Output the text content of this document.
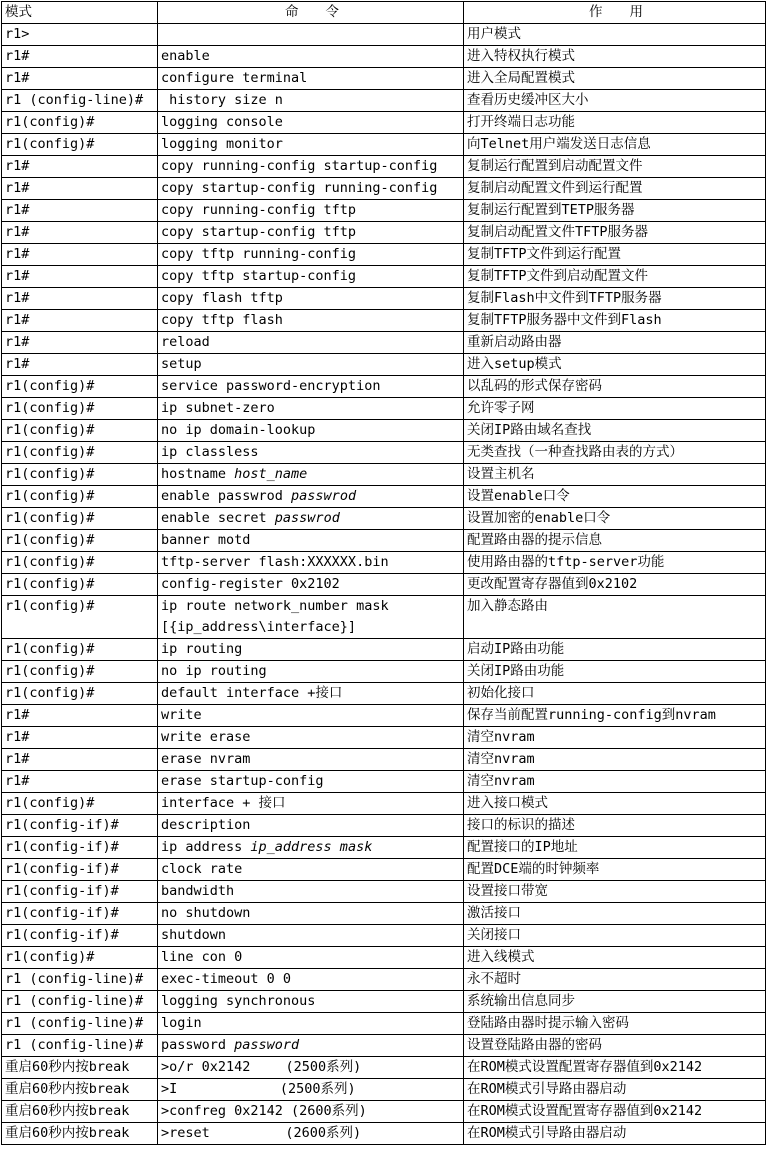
模式	命　　令	作　　用
r1>		用户模式
r1#	enable	进入特权执行模式
r1#	configure terminal	进入全局配置模式
r1 (config-line)#	history size n	查看历史缓冲区大小
r1(config)#	logging console	打开终端日志功能
r1(config)#	logging monitor	向Telnet用户端发送日志信息
r1#	copy running-config startup-config	复制运行配置到启动配置文件
r1#	copy startup-config running-config	复制启动配置文件到运行配置
r1#	copy running-config tftp	复制运行配置到TETP服务器
r1#	copy startup-config tftp	复制启动配置文件TFTP服务器
r1#	copy tftp running-config	复制TFTP文件到运行配置
r1#	copy tftp startup-config	复制TFTP文件到启动配置文件
r1#	copy flash tftp	复制Flash中文件到TFTP服务器
r1#	copy tftp flash	复制TFTP服务器中文件到Flash
r1#	reload	重新启动路由器
r1#	setup	进入setup模式
r1(config)#	service password-encryption	以乱码的形式保存密码
r1(config)#	ip subnet-zero	允许零子网
r1(config)#	no ip domain-lookup	关闭IP路由域名查找
r1(config)#	ip classless	无类查找（一种查找路由表的方式）
r1(config)#	hostname host_name	设置主机名
r1(config)#	enable passwrod passwrod	设置enable口令
r1(config)#	enable secret passwrod	设置加密的enable口令
r1(config)#	banner motd	配置路由器的提示信息
r1(config)#	tftp-server flash:XXXXXX.bin	使用路由器的tftp-server功能
r1(config)#	config-register 0x2102	更改配置寄存器值到0x2102
r1(config)#	ip route network_number mask [{ip_address\interface}]	加入静态路由
r1(config)#	ip routing	启动IP路由功能
r1(config)#	no ip routing	关闭IP路由功能
r1(config)#	default interface +接口	初始化接口
r1#	write	保存当前配置running-config到nvram
r1#	write erase	清空nvram
r1#	erase nvram	清空nvram
r1#	erase startup-config	清空nvram
r1(config)#	interface + 接口	进入接口模式
r1(config-if)#	description	接口的标识的描述
r1(config-if)#	ip address ip_address mask	配置接口的IP地址
r1(config-if)#	clock rate	配置DCE端的时钟频率
r1(config-if)#	bandwidth	设置接口带宽
r1(config-if)#	no shutdown	激活接口
r1(config-if)#	shutdown	关闭接口
r1(config)#	line con 0	进入线模式
r1 (config-line)#	exec-timeout 0 0	永不超时
r1 (config-line)#	logging synchronous	系统输出信息同步
r1 (config-line)#	login	登陆路由器时提示输入密码
r1 (config-line)#	password password	设置登陆路由器的密码
重启60秒内按break	>o/r 0x2142　　 (2500系列)	在ROM模式设置配置寄存器值到0x2142
重启60秒内按break	>I　　　　　　　 (2500系列)	在ROM模式引导路由器启动
重启60秒内按break	>confreg 0x2142 (2600系列)	在ROM模式设置配置寄存器值到0x2142
重启60秒内按break	>reset　　　　　 (2600系列)	在ROM模式引导路由器启动
